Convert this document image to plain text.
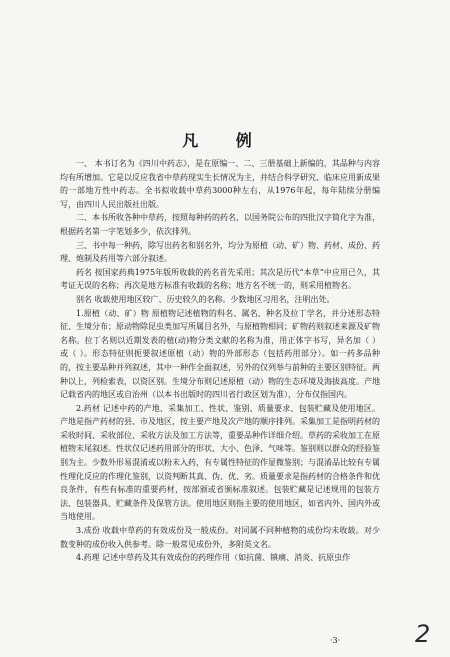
凡 例

一、 本书订名为《四川中药志》，是在原编一、二、三册基础上新编的，其品种与内容均有所增加。它是以反应我省中草药现实生长情况为主，并结合科学研究、临床应用新成果的一部地方性中药志。全书拟收载中草药3000种左右，从1976年起，每年陆续分册编写，由四川人民出版社出版。

二、本书所收各种中草药，按照每种药的药名，以国务院公布的四批汉字简化字为准，根据药名第一字笔划多少，依次排列。

三、书中每一种药，除写出药名和别名外，均分为原植（动、矿）物、药材、成份、药理、炮制及药用等六部分叙述。

药名 按国家药典1975年版所收载的药名首先采用；其次是历代“本草”中应用已久，其考证无误的名称；再次是地方标准有收载的名称；地方名不统一的，则采用植物名。

别名 收载使用地区较广、历史较久的名称。少数地区习用名，注明出处。

1.原植（动、矿）物 原植物记述植物的科名、属名、种名及拉丁学名，并分述形态特征、生境分布；原动物除昆虫类加写所属目名外，与原植物相同；矿物药则叙述来源及矿物名称。拉丁名则以近期发表的植(动)物分类文献的名称为准，用正体字书写，异名加（ ）或（ ）。形态特征则扼要叙述原植（动）物的外部形态（包括药用部分）。如一药多品种的，按主要品种并列叙述，其中一种作全面叙述，另外的仅列举与前种的主要区别特征。两种以上，列检索表，以资区别。生境分布则记述原植（动）物的生态环境及海拔高度。产地记载省内的地区或自治州（以本书出版时的四川省行政区划为准），分布仅指国内。

2.药材 记述中药的产地、采集加工、性状、鉴别、质量要求、包装贮藏及使用地区。产地是指产药材的县、市及地区，按主要产地及次产地的顺序排列。采集加工是指明药材的采收时间、采收部位、采收方法及加工方法等，重要品种作详细介绍。草药的采收加工在原植物末尾叙述。性状仅记述药用部分的形状、大小、色泽、气味等。鉴别则以群众的经验鉴别为主。少数外形易混淆或以粉末入药，有专属性特征的作显微鉴别；与混淆品比较有专属性理化反应的作理化鉴别，以资判断其真、伪、优、劣。质量要求是指药材的合格条件和优良条件，有些有标准的重要药材，按部颁或省颁标准叙述。包装贮藏是记述规用的包装方法、包装器具、贮藏条件及保管方法。使用地区则指主要的使用地区，如省内外、国内外或当地使用。

3.成份 收载中草药的有效成份及一般成份。对同属不同种植物的成份均未收载。对少数变种的成份收入供参考。除一般常见成份外，多附英文名。

4.药理 记述中草药及其有效成份的药理作用（如抗菌、镇痛、消炎、抗原虫作

·3·	2
